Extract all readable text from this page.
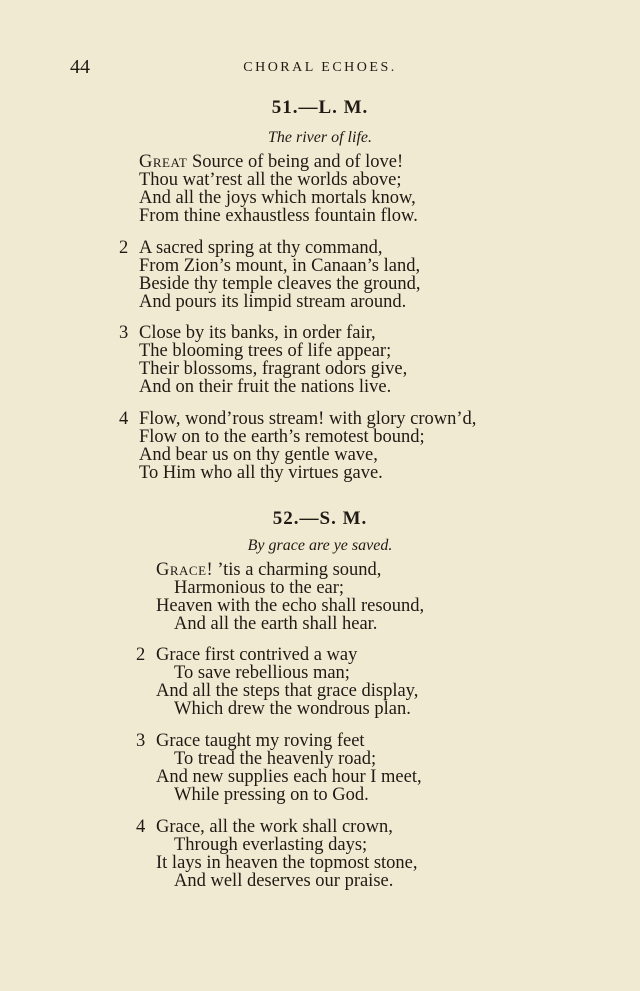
44	CHORAL ECHOES.
51.—L. M.
The river of life.
Great Source of being and of love!
Thou wat’rest all the worlds above;
And all the joys which mortals know,
From thine exhaustless fountain flow.
2 A sacred spring at thy command,
From Zion’s mount, in Canaan’s land,
Beside thy temple cleaves the ground,
And pours its limpid stream around.
3 Close by its banks, in order fair,
The blooming trees of life appear;
Their blossoms, fragrant odors give,
And on their fruit the nations live.
4 Flow, wond’rous stream! with glory crown’d,
Flow on to the earth’s remotest bound;
And bear us on thy gentle wave,
To Him who all thy virtues gave.
52.—S. M.
By grace are ye saved.
Grace! ’tis a charming sound,
Harmonious to the ear;
Heaven with the echo shall resound,
And all the earth shall hear.
2 Grace first contrived a way
To save rebellious man;
And all the steps that grace display,
Which drew the wondrous plan.
3 Grace taught my roving feet
To tread the heavenly road;
And new supplies each hour I meet,
While pressing on to God.
4 Grace, all the work shall crown,
Through everlasting days;
It lays in heaven the topmost stone,
And well deserves our praise.
